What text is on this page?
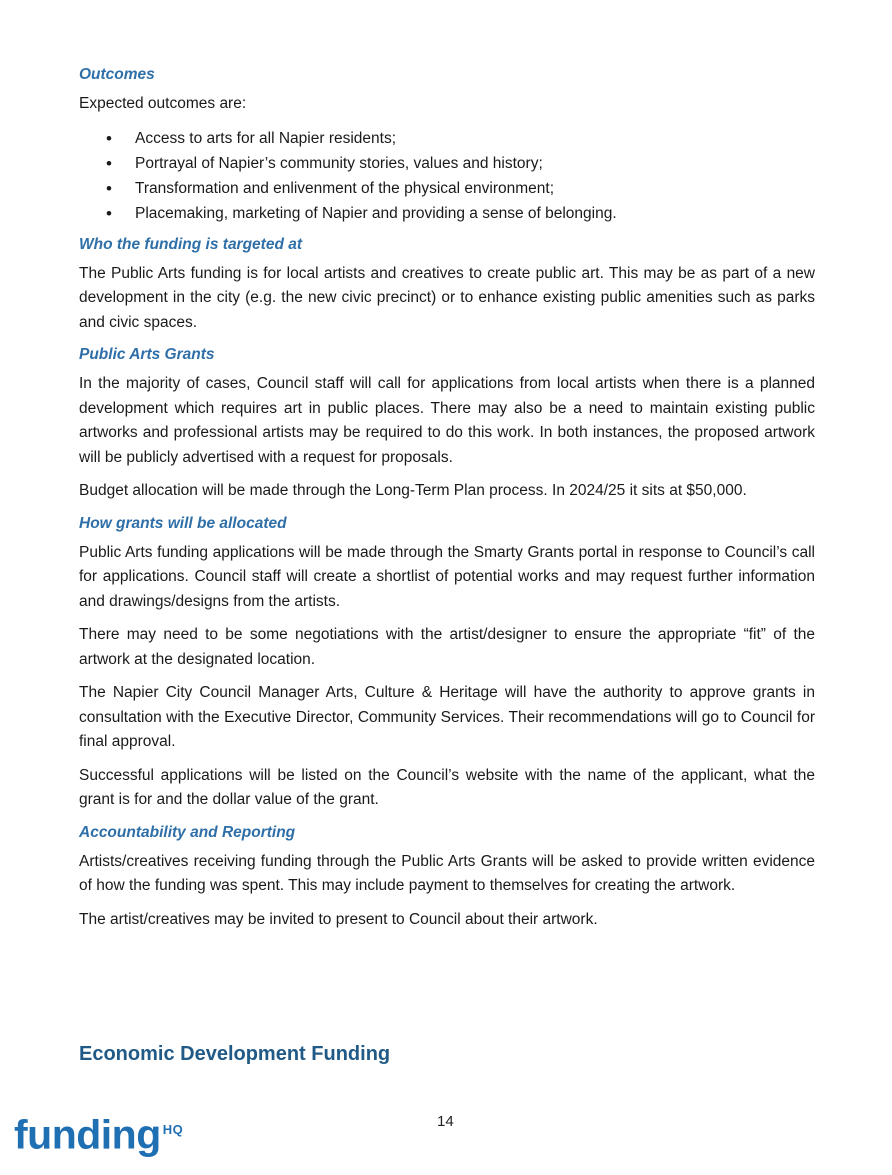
Outcomes

Expected outcomes are:

• Access to arts for all Napier residents;
• Portrayal of Napier’s community stories, values and history;
• Transformation and enlivenment of the physical environment;
• Placemaking, marketing of Napier and providing a sense of belonging.
Who the funding is targeted at

The Public Arts funding is for local artists and creatives to create public art. This may be as part of a new development in the city (e.g. the new civic precinct) or to enhance existing public amenities such as parks and civic spaces.

Public Arts Grants

In the majority of cases, Council staff will call for applications from local artists when there is a planned development which requires art in public places. There may also be a need to maintain existing public artworks and professional artists may be required to do this work. In both instances, the proposed artwork will be publicly advertised with a request for proposals.

Budget allocation will be made through the Long-Term Plan process. In 2024/25 it sits at $50,000.

How grants will be allocated

Public Arts funding applications will be made through the Smarty Grants portal in response to Council’s call for applications. Council staff will create a shortlist of potential works and may request further information and drawings/designs from the artists.

There may need to be some negotiations with the artist/designer to ensure the appropriate “fit” of the artwork at the designated location.

The Napier City Council Manager Arts, Culture & Heritage will have the authority to approve grants in consultation with the Executive Director, Community Services. Their recommendations will go to Council for final approval.

Successful applications will be listed on the Council’s website with the name of the applicant, what the grant is for and the dollar value of the grant.

Accountability and Reporting

Artists/creatives receiving funding through the Public Arts Grants will be asked to provide written evidence of how the funding was spent. This may include payment to themselves for creating the artwork.

The artist/creatives may be invited to present to Council about their artwork.

Economic Development Funding
funding $^{HQ}$	14
